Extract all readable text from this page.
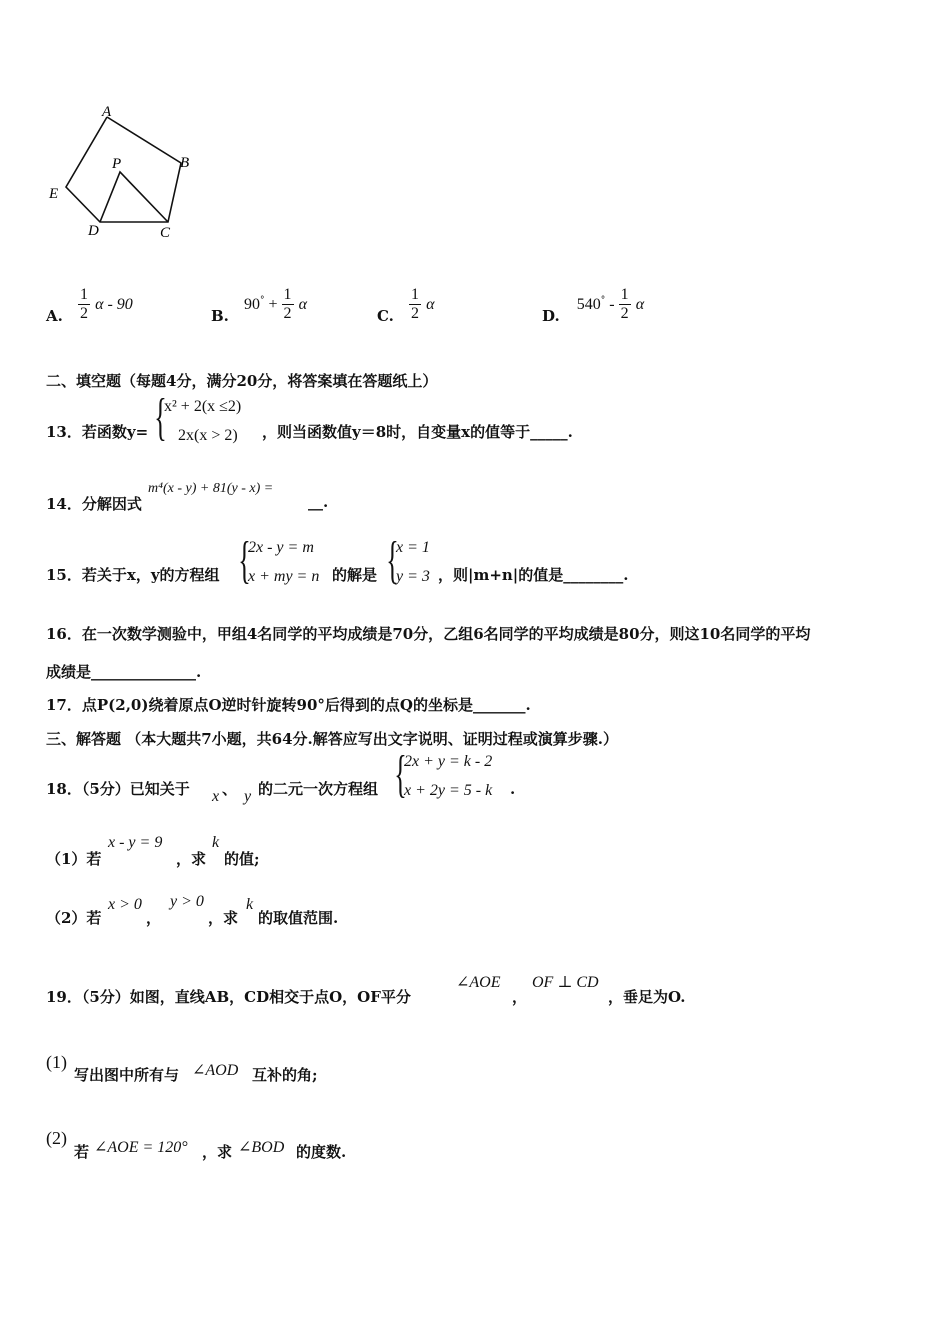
A
B
P
E
D	C
A. $\frac{1}{2}$ α - 90
B. $90^\circ + \frac{1}{2}$ α
C. $\frac{1}{2}$ α
D. $540^\circ - \frac{1}{2}$ α
二、填空题（每题4分，满分20分，将答案填在答题纸上）
13．若函数y= {
x² + 2(x ≤2)
2x(x > 2) ，则当函数值y＝8时，自变量x的值等于_____.
14．分解因式
m⁴(x - y) + 81(y - x) =
__.
15．若关于x，y的方程组 {
2x - y = m
x + my = n 的解是 {
x = 1
y = 3 ，则|m+n|的值是________.
16．在一次数学测验中，甲组4名同学的平均成绩是70分，乙组6名同学的平均成绩是80分，则这10名同学的平均
成绩是______________.
17．点P(2,0)绕着原点O逆时针旋转90°后得到的点Q的坐标是_______.
三、解答题 （本大题共7小题，共64分.解答应写出文字说明、证明过程或演算步骤.）
18．（5分）已知关于 x 、 y 的二元一次方程组 {
2x + y = k - 2
x + 2y = 5 - k .
（1）若
x - y = 9
，求
k
的值;
（2）若
x > 0
，
y > 0
，求
k
的取值范围.
19．（5分）如图，直线AB，CD相交于点O，OF平分
∠AOE
，
OF ⊥ CD
，垂足为O.
(1)
写出图中所有与 ∠AOD 互补的角;
(2)
若 ∠AOE = 120° ，求 ∠BOD 的度数.
